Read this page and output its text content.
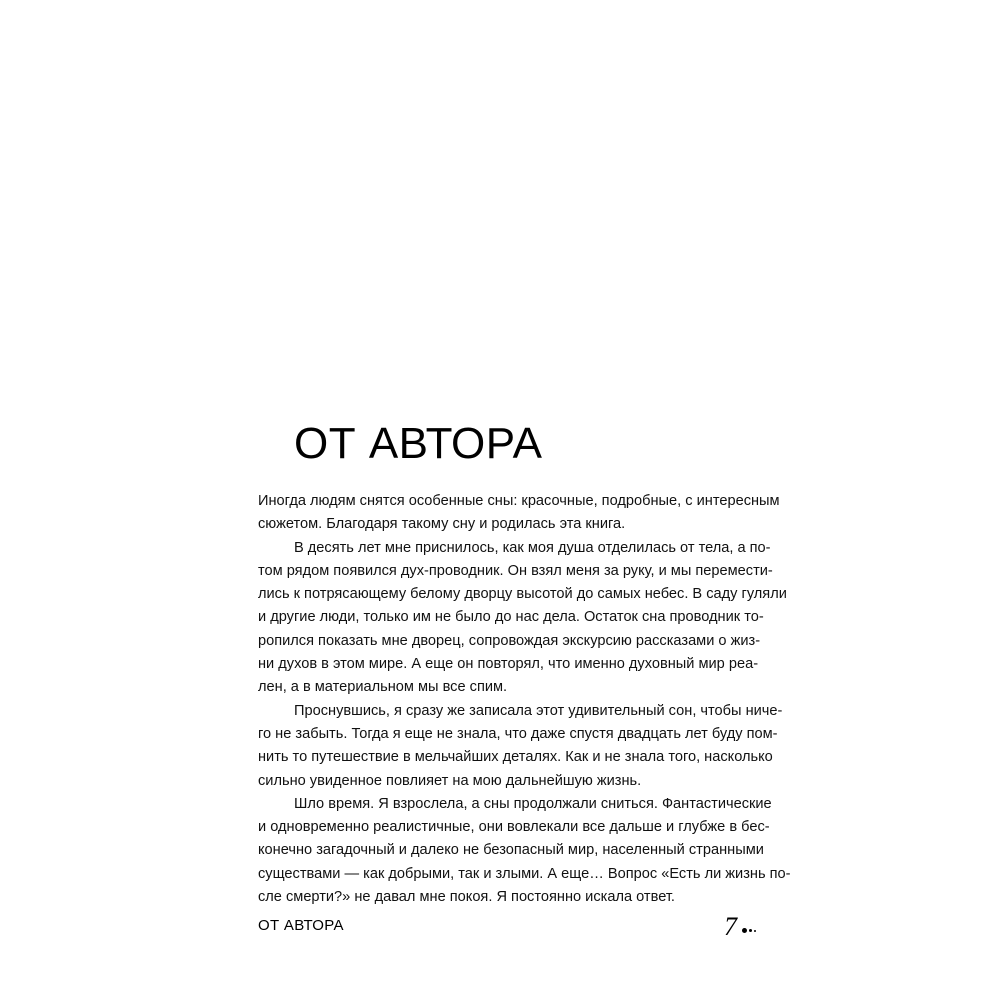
ОТ АВТОРА
Иногда людям снятся особенные сны: красочные, подробные, с интересным
сюжетом. Благодаря такому сну и родилась эта книга.
В десять лет мне приснилось, как моя душа отделилась от тела, а по-
том рядом появился дух-проводник. Он взял меня за руку, и мы перемести-
лись к потрясающему белому дворцу высотой до самых небес. В саду гуляли
и другие люди, только им не было до нас дела. Остаток сна проводник то-
ропился показать мне дворец, сопровождая экскурсию рассказами о жиз-
ни духов в этом мире. А еще он повторял, что именно духовный мир реа-
лен, а в материальном мы все спим.
Проснувшись, я сразу же записала этот удивительный сон, чтобы ниче-
го не забыть. Тогда я еще не знала, что даже спустя двадцать лет буду пом-
нить то путешествие в мельчайших деталях. Как и не знала того, насколько
сильно увиденное повлияет на мою дальнейшую жизнь.
Шло время. Я взрослела, а сны продолжали сниться. Фантастические
и одновременно реалистичные, они вовлекали все дальше и глубже в бес-
конечно загадочный и далеко не безопасный мир, населенный странными
существами — как добрыми, так и злыми. А еще… Вопрос «Есть ли жизнь по-
сле смерти?» не давал мне покоя. Я постоянно искала ответ.
ОТ АВТОРА	7
